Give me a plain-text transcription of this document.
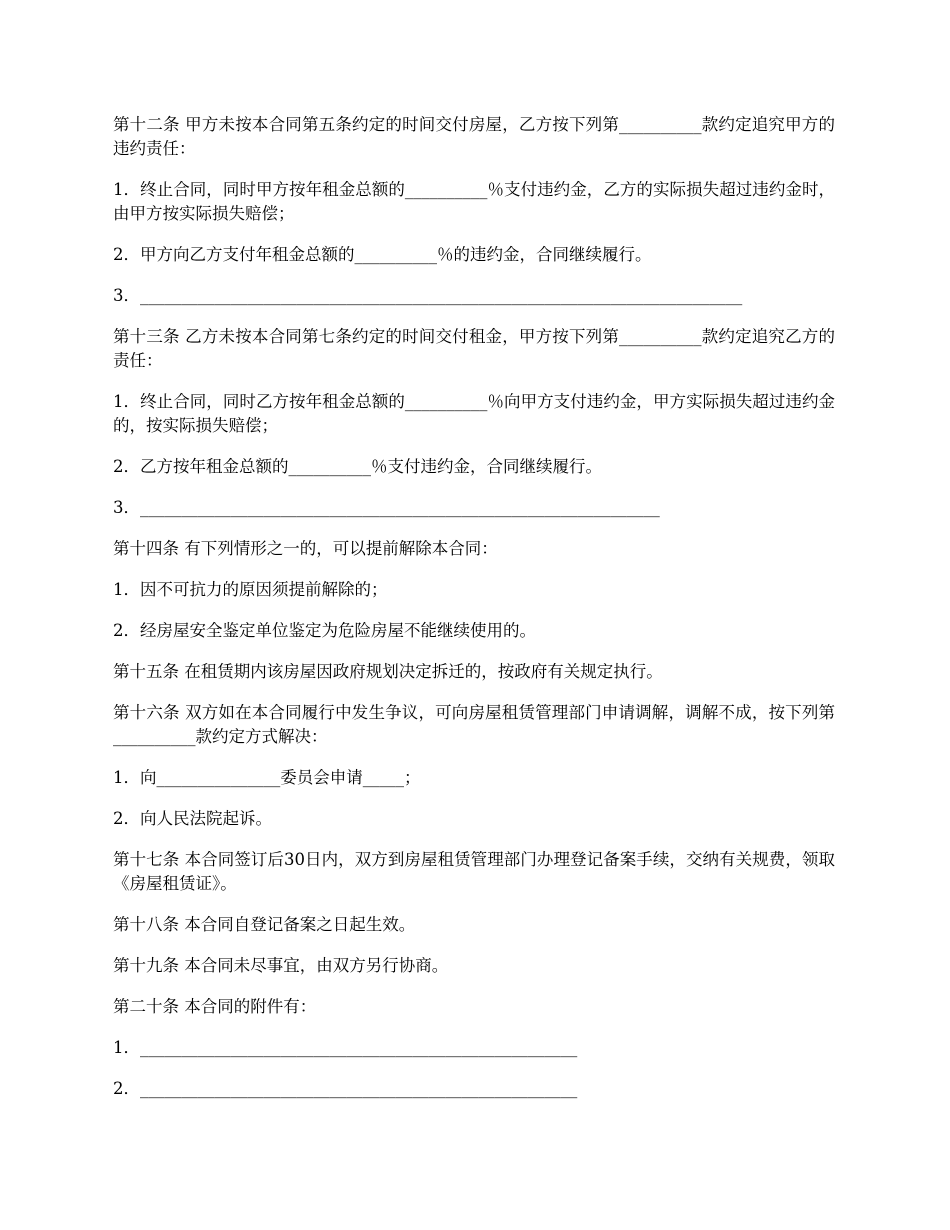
第十二条 甲方未按本合同第五条约定的时间交付房屋，乙方按下列第__________款约定追究甲方的违约责任：

1．终止合同，同时甲方按年租金总额的__________％支付违约金，乙方的实际损失超过违约金时，由甲方按实际损失赔偿；

2．甲方向乙方支付年租金总额的__________％的违约金，合同继续履行。

3．_________________________________________________________________________

第十三条 乙方未按本合同第七条约定的时间交付租金，甲方按下列第__________款约定追究乙方的责任：

1．终止合同，同时乙方按年租金总额的__________％向甲方支付违约金，甲方实际损失超过违约金的，按实际损失赔偿；

2．乙方按年租金总额的__________％支付违约金，合同继续履行。

3．_______________________________________________________________

第十四条 有下列情形之一的，可以提前解除本合同：

1．因不可抗力的原因须提前解除的；

2．经房屋安全鉴定单位鉴定为危险房屋不能继续使用的。

第十五条 在租赁期内该房屋因政府规划决定拆迁的，按政府有关规定执行。

第十六条 双方如在本合同履行中发生争议，可向房屋租赁管理部门申请调解，调解不成，按下列第__________款约定方式解决：

1．向_______________委员会申请_____；

2．向人民法院起诉。

第十七条 本合同签订后30日内，双方到房屋租赁管理部门办理登记备案手续，交纳有关规费，领取《房屋租赁证》。

第十八条 本合同自登记备案之日起生效。

第十九条 本合同未尽事宜，由双方另行协商。

第二十条 本合同的附件有：

1．_____________________________________________________

2．_____________________________________________________
